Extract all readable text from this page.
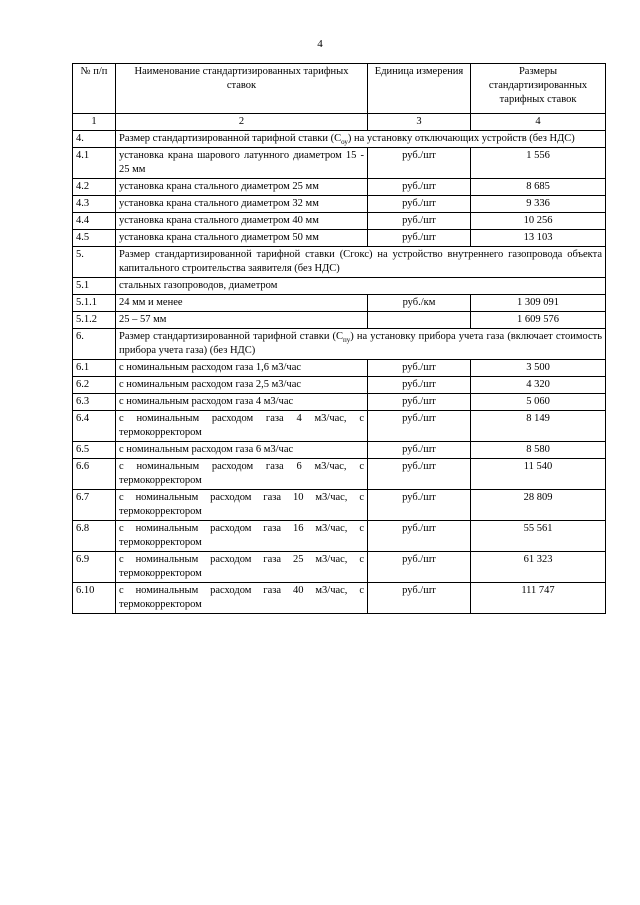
4
№ п/п	Наименование стандартизированных тарифных ставок	Единица измерения	Размеры стандартизированных тарифных ставок
1	2	3	4
4.	Размер стандартизированной тарифной ставки $(С_{оу})$ на установку отключающих устройств (без НДС)		
4.1	установка крана шарового латунного диаметром 15 - 25 мм	руб./шт	1 556
4.2	установка крана стального диаметром 25 мм	руб./шт	8 685
4.3	установка крана стального диаметром 32 мм	руб./шт	9 336
4.4	установка крана стального диаметром 40 мм	руб./шт	10 256
4.5	установка крана стального диаметром 50 мм	руб./шт	13 103
5.	Размер стандартизированной тарифной ставки (Сгокс) на устройство внутреннего газопровода объекта капитального строительства заявителя (без НДС)		
5.1	стальных газопроводов, диаметром		
5.1.1	24 мм и менее	руб./км	1 309 091
5.1.2	25 – 57 мм		1 609 576
6.	Размер стандартизированной тарифной ставки $(С_{пу})$ на установку прибора учета газа (включает стоимость прибора учета газа) (без НДС)		
6.1	с номинальным расходом газа 1,6 м3/час	руб./шт	3 500
6.2	с номинальным расходом газа 2,5 м3/час	руб./шт	4 320
6.3	с номинальным расходом газа 4 м3/час	руб./шт	5 060
6.4	с номинальным расходом газа 4 м3/час, с термокорректором	руб./шт	8 149
6.5	с номинальным расходом газа 6 м3/час	руб./шт	8 580
6.6	с номинальным расходом газа 6 м3/час, с термокорректором	руб./шт	11 540
6.7	с номинальным расходом газа 10 м3/час, с термокорректором	руб./шт	28 809
6.8	с номинальным расходом газа 16 м3/час, с термокорректором	руб./шт	55 561
6.9	с номинальным расходом газа 25 м3/час, с термокорректором	руб./шт	61 323
6.10	с номинальным расходом газа 40 м3/час, с термокорректором	руб./шт	111 747
